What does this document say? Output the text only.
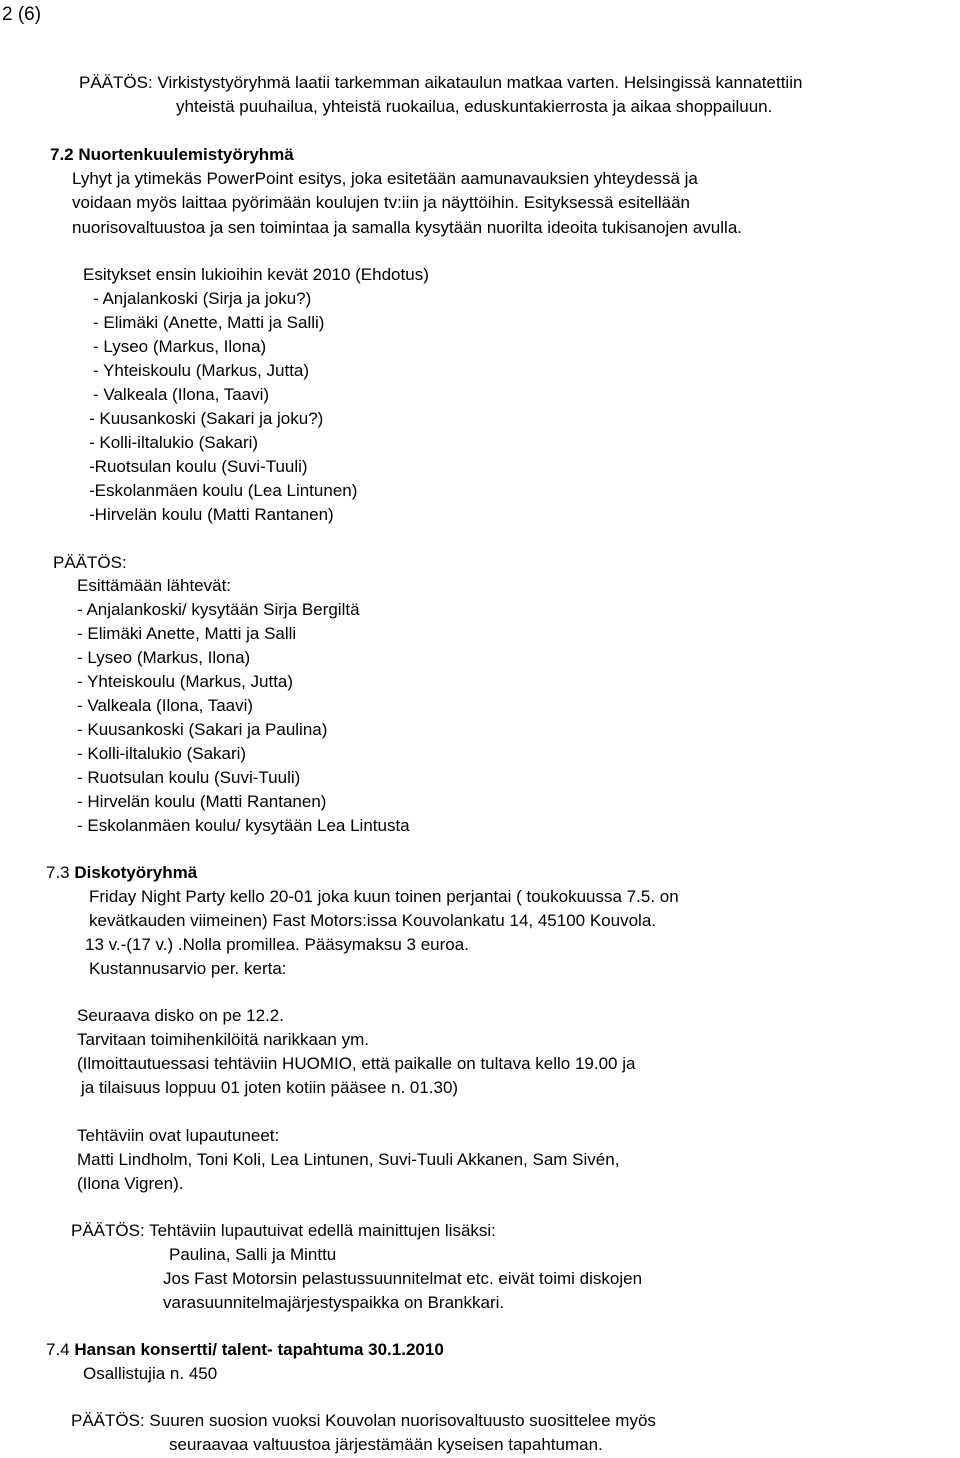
2 (6)
PÄÄTÖS: Virkistystyöryhmä laatii tarkemman aikataulun matkaa varten. Helsingissä kannatettiin
yhteistä puuhailua, yhteistä ruokailua, eduskuntakierrosta ja aikaa shoppailuun.
7.2 Nuortenkuulemistyöryhmä
Lyhyt ja ytimekäs PowerPoint esitys, joka esitetään aamunavauksien yhteydessä ja
voidaan myös laittaa pyörimään koulujen tv:iin ja näyttöihin. Esityksessä esitellään
nuorisovaltuustoa ja sen toimintaa ja samalla kysytään nuorilta ideoita tukisanojen avulla.
Esitykset ensin lukioihin kevät 2010 (Ehdotus)
- Anjalankoski (Sirja ja joku?)
- Elimäki (Anette, Matti ja Salli)
- Lyseo (Markus, Ilona)
- Yhteiskoulu (Markus, Jutta)
- Valkeala (Ilona, Taavi)
- Kuusankoski (Sakari ja joku?)
- Kolli-iltalukio (Sakari)
-Ruotsulan koulu (Suvi-Tuuli)
-Eskolanmäen koulu (Lea Lintunen)
-Hirvelän koulu (Matti Rantanen)
PÄÄTÖS:
Esittämään lähtevät:
- Anjalankoski/ kysytään Sirja Bergiltä
- Elimäki Anette, Matti ja Salli
- Lyseo (Markus, Ilona)
- Yhteiskoulu (Markus, Jutta)
- Valkeala (Ilona, Taavi)
- Kuusankoski (Sakari ja Paulina)
- Kolli-iltalukio (Sakari)
- Ruotsulan koulu (Suvi-Tuuli)
- Hirvelän koulu (Matti Rantanen)
- Eskolanmäen koulu/ kysytään Lea Lintusta
7.3 Diskotyöryhmä
Friday Night Party kello 20-01 joka kuun toinen perjantai ( toukokuussa 7.5. on
kevätkauden viimeinen) Fast Motors:issa Kouvolankatu 14, 45100 Kouvola.
13 v.-(17 v.) .Nolla promillea. Pääsymaksu 3 euroa.
Kustannusarvio per. kerta:
Seuraava disko on pe 12.2.
Tarvitaan toimihenkilöitä narikkaan ym.
(Ilmoittautuessasi tehtäviin HUOMIO, että paikalle on tultava kello 19.00 ja
ja tilaisuus loppuu 01 joten kotiin pääsee n. 01.30)
Tehtäviin ovat lupautuneet:
Matti Lindholm, Toni Koli, Lea Lintunen, Suvi-Tuuli Akkanen, Sam Sivén,
(Ilona Vigren).
PÄÄTÖS: Tehtäviin lupautuivat edellä mainittujen lisäksi:
Paulina, Salli ja Minttu
Jos Fast Motorsin pelastussuunnitelmat etc. eivät toimi diskojen
varasuunnitelmajärjestyspaikka on Brankkari.
7.4 Hansan konsertti/ talent- tapahtuma 30.1.2010
Osallistujia n. 450
PÄÄTÖS: Suuren suosion vuoksi Kouvolan nuorisovaltuusto suosittelee myös
seuraavaa valtuustoa järjestämään kyseisen tapahtuman.
